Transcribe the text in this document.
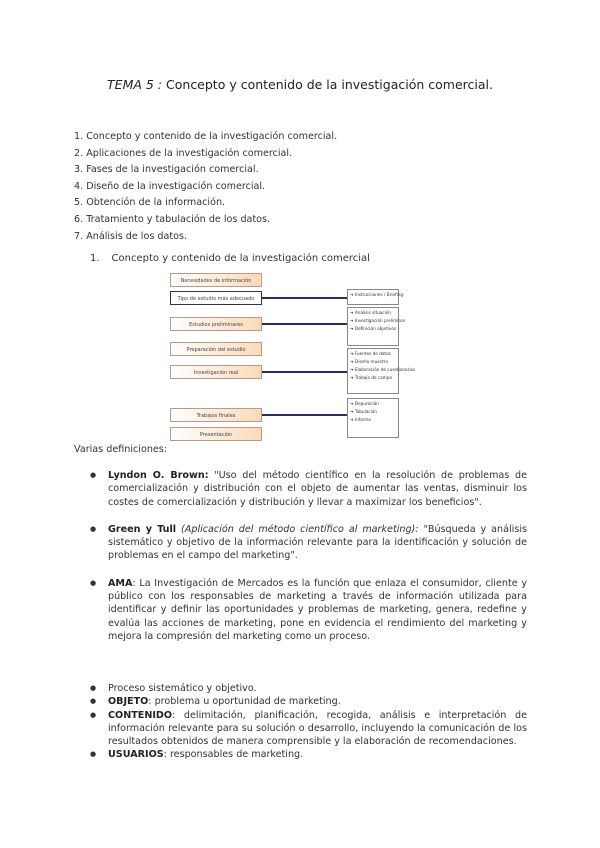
TEMA 5 : Concepto y contenido de la investigación comercial.
1. Concepto y contenido de la investigación comercial.
2. Aplicaciones de la investigación comercial.
3. Fases de la investigación comercial.
4. Diseño de la investigación comercial.
5. Obtención de la información.
6. Tratamiento y tabulación de los datos.
7. Análisis de los datos.
1. Concepto y contenido de la investigación comercial
Necesidades de información
Tipo de estudio más adecuado
Estudios preliminares
Preparación del estudio
Investigación real
Trabajos finales
Presentación
➔ Instrucciones / Briefing
➔ Análisis situación
➔ Investigación preliminar
➔ Definición objetivos
➔ Fuentes de datos
➔ Diseño muestra
➔ Elaboración de cuestionarios
➔ Trabajo de campo
➔ Depuración
➔ Tabulación
➔ Informe
Varias definiciones:
● Lyndon O. Brown: "Uso del método científico en la resolución de problemas de comercialización y distribución con el objeto de aumentar las ventas, disminuir los costes de comercialización y distribución y llevar a maximizar los beneficios".
● Green y Tull (Aplicación del método científico al marketing): "Búsqueda y análisis sistemático y objetivo de la información relevante para la identificación y solución de problemas en el campo del marketing".
● AMA: La Investigación de Mercados es la función que enlaza el consumidor, cliente y público con los responsables de marketing a través de información utilizada para identificar y definir las oportunidades y problemas de marketing, genera, redefine y evalúa las acciones de marketing, pone en evidencia el rendimiento del marketing y mejora la compresión del marketing como un proceso.
● Proceso sistemático y objetivo.
● OBJETO: problema u oportunidad de marketing.
● CONTENIDO: delimitación, planificación, recogida, análisis e interpretación de información relevante para su solución o desarrollo, incluyendo la comunicación de los resultados obtenidos de manera comprensible y la elaboración de recomendaciones.
● USUARIOS: responsables de marketing.
